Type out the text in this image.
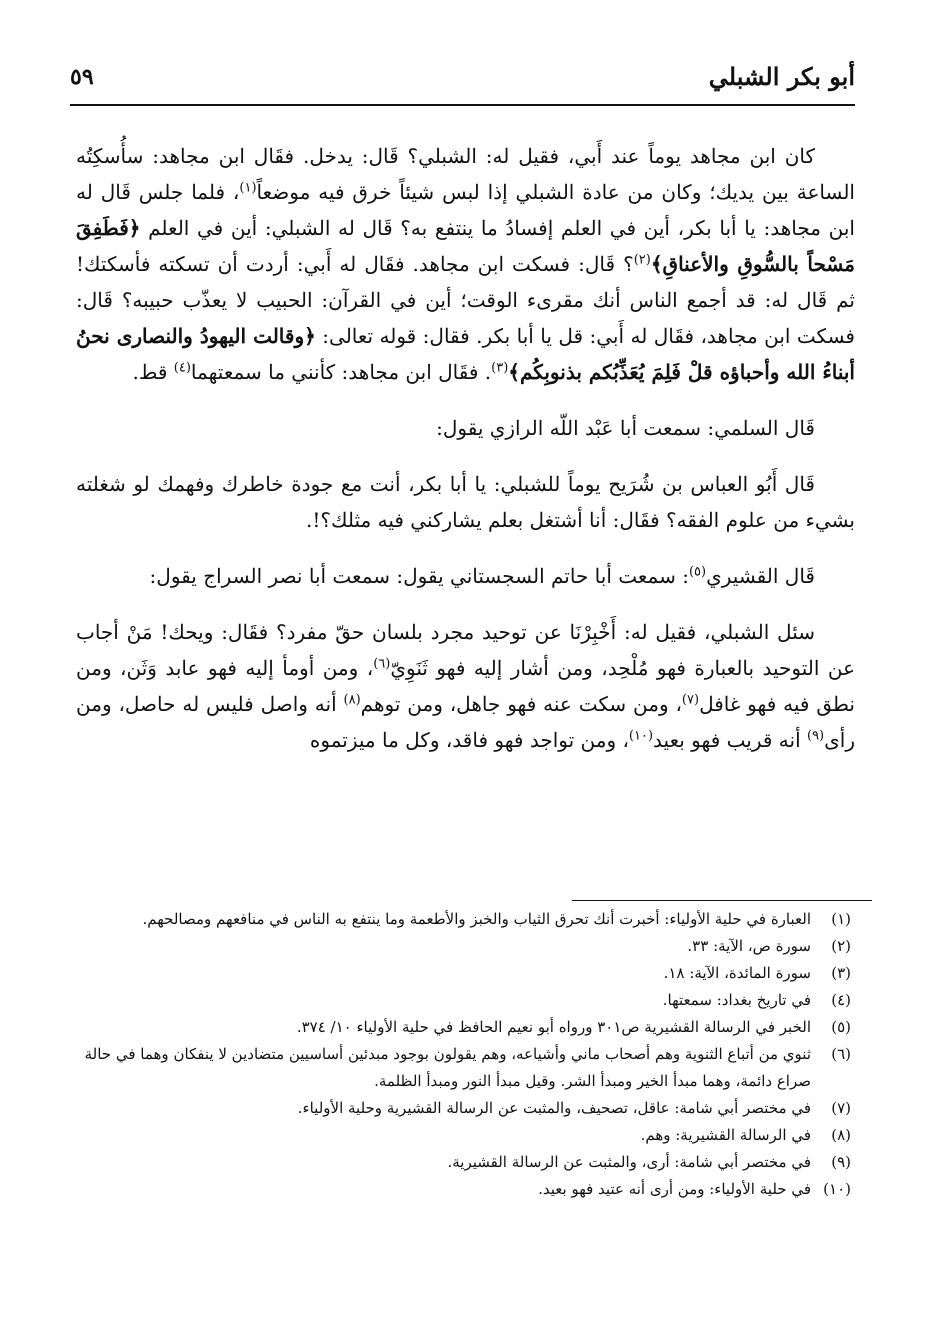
أبو بكر الشبلي
٥٩

كان ابن مجاهد يوماً عند أَبي، فقيل له: الشبلي؟ قَال: يدخل. فقَال ابن مجاهد: سأُسكِتُه الساعة بين يديك؛ وكان من عادة الشبلي إذا لبس شيئاً خرق فيه موضعاً$^{(١)}$، فلما جلس قَال له ابن مجاهد: يا أبا بكر، أين في العلم إفسادُ ما ينتفع به؟ قَال له الشبلي: أين في العلم ﴿فَطَفِقَ مَسْحاً بالسُّوقِ والأعناقِ﴾$^{(٢)}$؟ قَال: فسكت ابن مجاهد. فقَال له أَبي: أردت أن تسكته فأسكتك! ثم قَال له: قد أجمع الناس أنك مقرىء الوقت؛ أين في القرآن: الحبيب لا يعذّب حبيبه؟ قَال: فسكت ابن مجاهد، فقَال له أَبي: قل يا أبا بكر. فقال: قوله تعالى: ﴿وقالت اليهودُ والنصارى نحنُ أبناءُ الله وأحباؤه قلْ فَلِمَ يُعَذِّبُكم بذنوبِكُم﴾$^{(٣)}$. فقَال ابن مجاهد: كأنني ما سمعتهما$^{(٤)}$ قط.

قَال السلمي: سمعت أبا عَبْد اللّه الرازي يقول:

قَال أَبُو العباس بن شُرَيح يوماً للشبلي: يا أبا بكر، أنت مع جودة خاطرك وفهمك لو شغلته بشيء من علوم الفقه؟ فقَال: أنا أشتغل بعلم يشاركني فيه مثلك؟!.

قَال القشيري$^{(٥)}$: سمعت أبا حاتم السجستاني يقول: سمعت أبا نصر السراج يقول:

سئل الشبلي، فقيل له: أَخْبِرْنَا عن توحيد مجرد بلسان حقّ مفرد؟ فقَال: ويحك! مَنْ أجاب عن التوحيد بالعبارة فهو مُلْحِد، ومن أشار إليه فهو ثَنَوِيّ$^{(٦)}$، ومن أومأ إليه فهو عابد وَثَن، ومن نطق فيه فهو غافل$^{(٧)}$، ومن سكت عنه فهو جاهل، ومن توهم$^{(٨)}$ أنه واصل فليس له حاصل، ومن رأى$^{(٩)}$ أنه قريب فهو بعيد$^{(١٠)}$، ومن تواجد فهو فاقد، وكل ما ميزتموه

(١)
العبارة في حلية الأولياء: أخبرت أنك تحرق الثياب والخبز والأطعمة وما ينتفع به الناس في منافعهم ومصالحهم.
(٢)
سورة ص، الآية: ٣٣.
(٣)
سورة المائدة، الآية: ١٨.
(٤)
في تاريخ بغداد: سمعتها.
(٥)
الخبر في الرسالة القشيرية ص٣٠١ ورواه أبو نعيم الحافظ في حلية الأولياء ١٠/ ٣٧٤.
(٦)
ثنوي من أتباع الثنوية وهم أصحاب ماني وأشياعه، وهم يقولون بوجود مبدئين أساسيين متضادين لا ينفكان وهما في حالة صراع دائمة، وهما مبدأ الخير ومبدأ الشر. وقيل مبدأ النور ومبدأ الظلمة.
(٧)
في مختصر أبي شامة: عاقل، تصحيف، والمثبت عن الرسالة القشيرية وحلية الأولياء.
(٨)
في الرسالة القشيرية: وهم.
(٩)
في مختصر أبي شامة: أرى، والمثبت عن الرسالة القشيرية.
(١٠)
في حلية الأولياء: ومن أرى أنه عتيد فهو بعيد.
